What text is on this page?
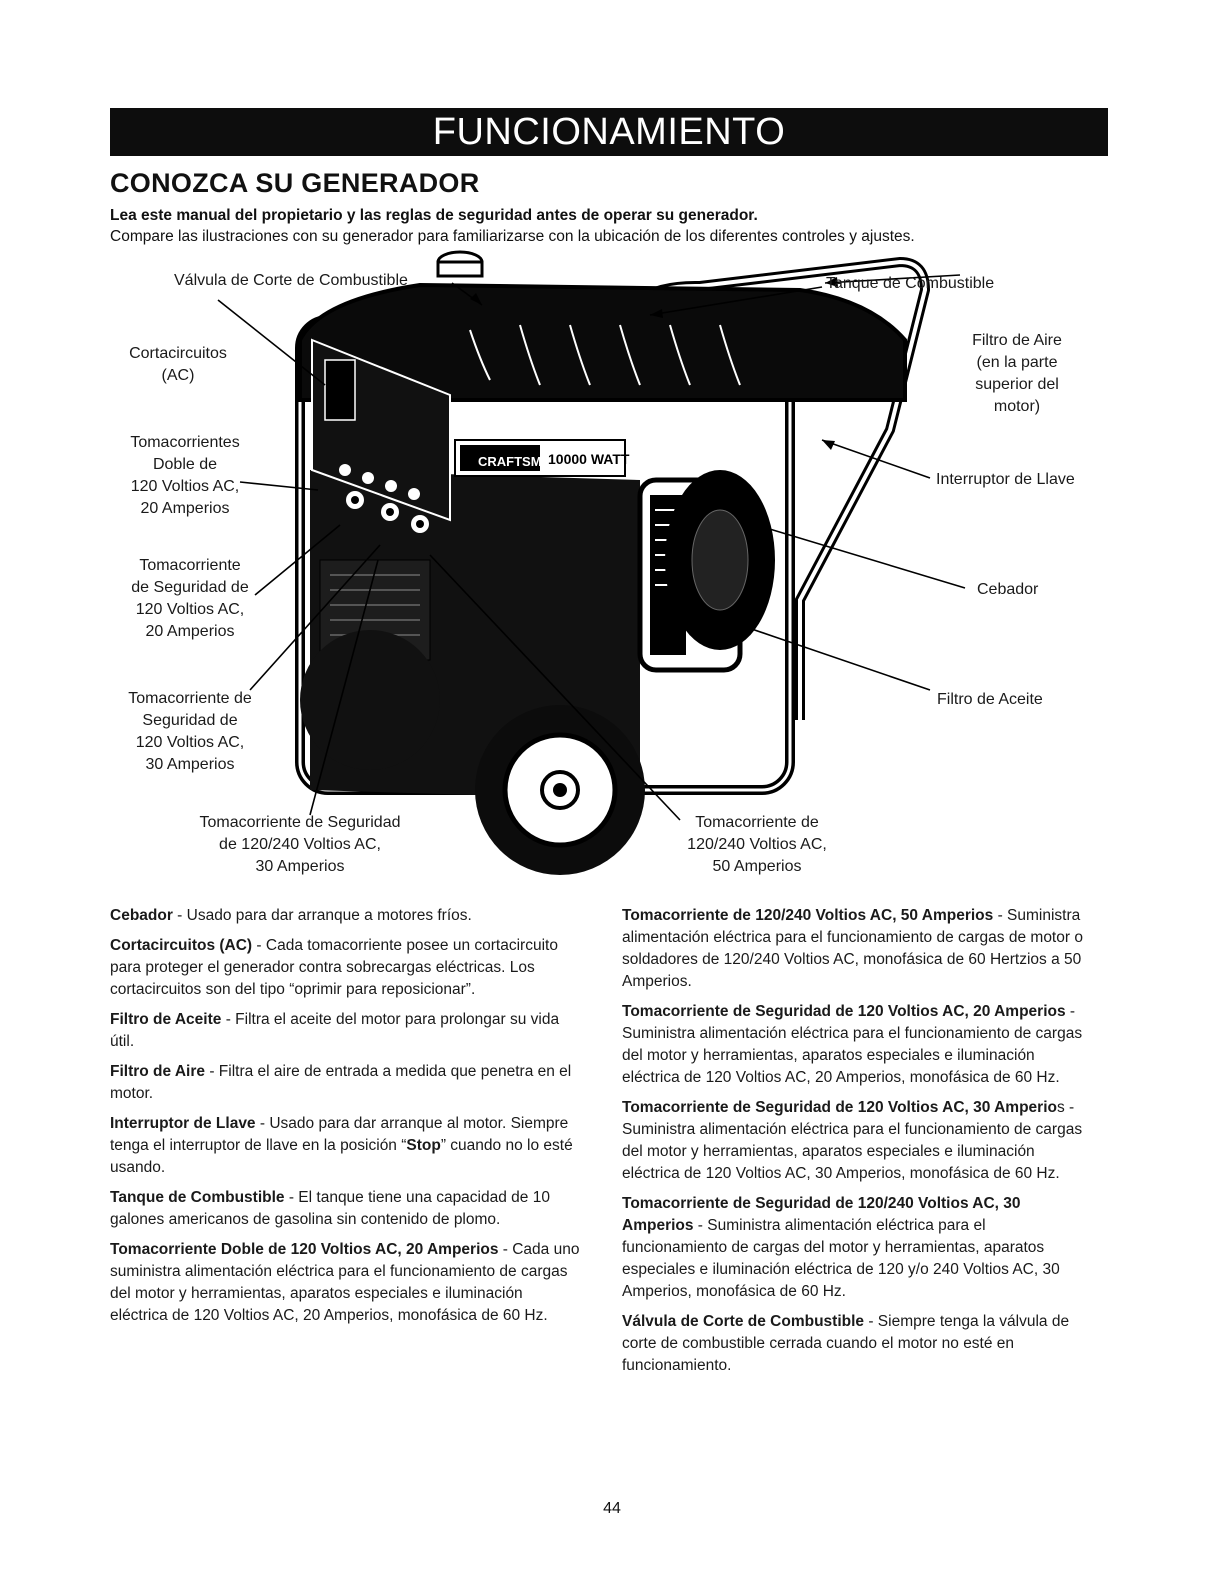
FUNCIONAMIENTO
CONOZCA SU GENERADOR
Lea este manual del propietario y las reglas de seguridad antes de operar su generador.
Compare las ilustraciones con su generador para familiarizarse con la ubicación de los diferentes controles y ajustes.
CRAFTSMAN
10000 WATT
Válvula de Corte de Combustible	Tanque de Combustible
Cortacircuitos
(AC)
Filtro de Aire
(en la parte
superior del
motor)
Tomacorrientes
Doble de
120 Voltios AC,
20 Amperios
Interruptor de Llave
Tomacorriente
de Seguridad de
120 Voltios AC,
20 Amperios
Cebador
Tomacorriente de
Seguridad de
120 Voltios AC,
30 Amperios
Filtro de Aceite
Tomacorriente de Seguridad
de 120/240 Voltios AC,
30 Amperios
Tomacorriente de
120/240 Voltios AC,
50 Amperios

Cebador - Usado para dar arranque a motores fríos.

Cortacircuitos (AC) - Cada tomacorriente posee un cortacircuito para proteger el generador contra sobrecargas eléctricas. Los cortacircuitos son del tipo “oprimir para reposicionar”.

Filtro de Aceite - Filtra el aceite del motor para prolongar su vida útil.

Filtro de Aire - Filtra el aire de entrada a medida que penetra en el motor.

Interruptor de Llave - Usado para dar arranque al motor. Siempre tenga el interruptor de llave en la posición “Stop” cuando no lo esté usando.

Tanque de Combustible - El tanque tiene una capacidad de 10 galones americanos de gasolina sin contenido de plomo.

Tomacorriente Doble de 120 Voltios AC, 20 Amperios - Cada uno suministra alimentación eléctrica para el funcionamiento de cargas del motor y herramientas, aparatos especiales e iluminación eléctrica de 120 Voltios AC, 20 Amperios, monofásica de 60 Hz.

Tomacorriente de 120/240 Voltios AC, 50 Amperios - Suministra alimentación eléctrica para el funcionamiento de cargas de motor o soldadores de 120/240 Voltios AC, monofásica de 60 Hertzios a 50 Amperios.

Tomacorriente de Seguridad de 120 Voltios AC, 20 Amperios - Suministra alimentación eléctrica para el funcionamiento de cargas del motor y herramientas, aparatos especiales e iluminación eléctrica de 120 Voltios AC, 20 Amperios, monofásica de 60 Hz.

Tomacorriente de Seguridad de 120 Voltios AC, 30 Amperios - Suministra alimentación eléctrica para el funcionamiento de cargas del motor y herramientas, aparatos especiales e iluminación eléctrica de 120 Voltios AC, 30 Amperios, monofásica de 60 Hz.

Tomacorriente de Seguridad de 120/240 Voltios AC, 30 Amperios - Suministra alimentación eléctrica para el funcionamiento de cargas del motor y herramientas, aparatos especiales e iluminación eléctrica de 120 y/o 240 Voltios AC, 30 Amperios, monofásica de 60 Hz.

Válvula de Corte de Combustible - Siempre tenga la válvula de corte de combustible cerrada cuando el motor no esté en funcionamiento.

44
